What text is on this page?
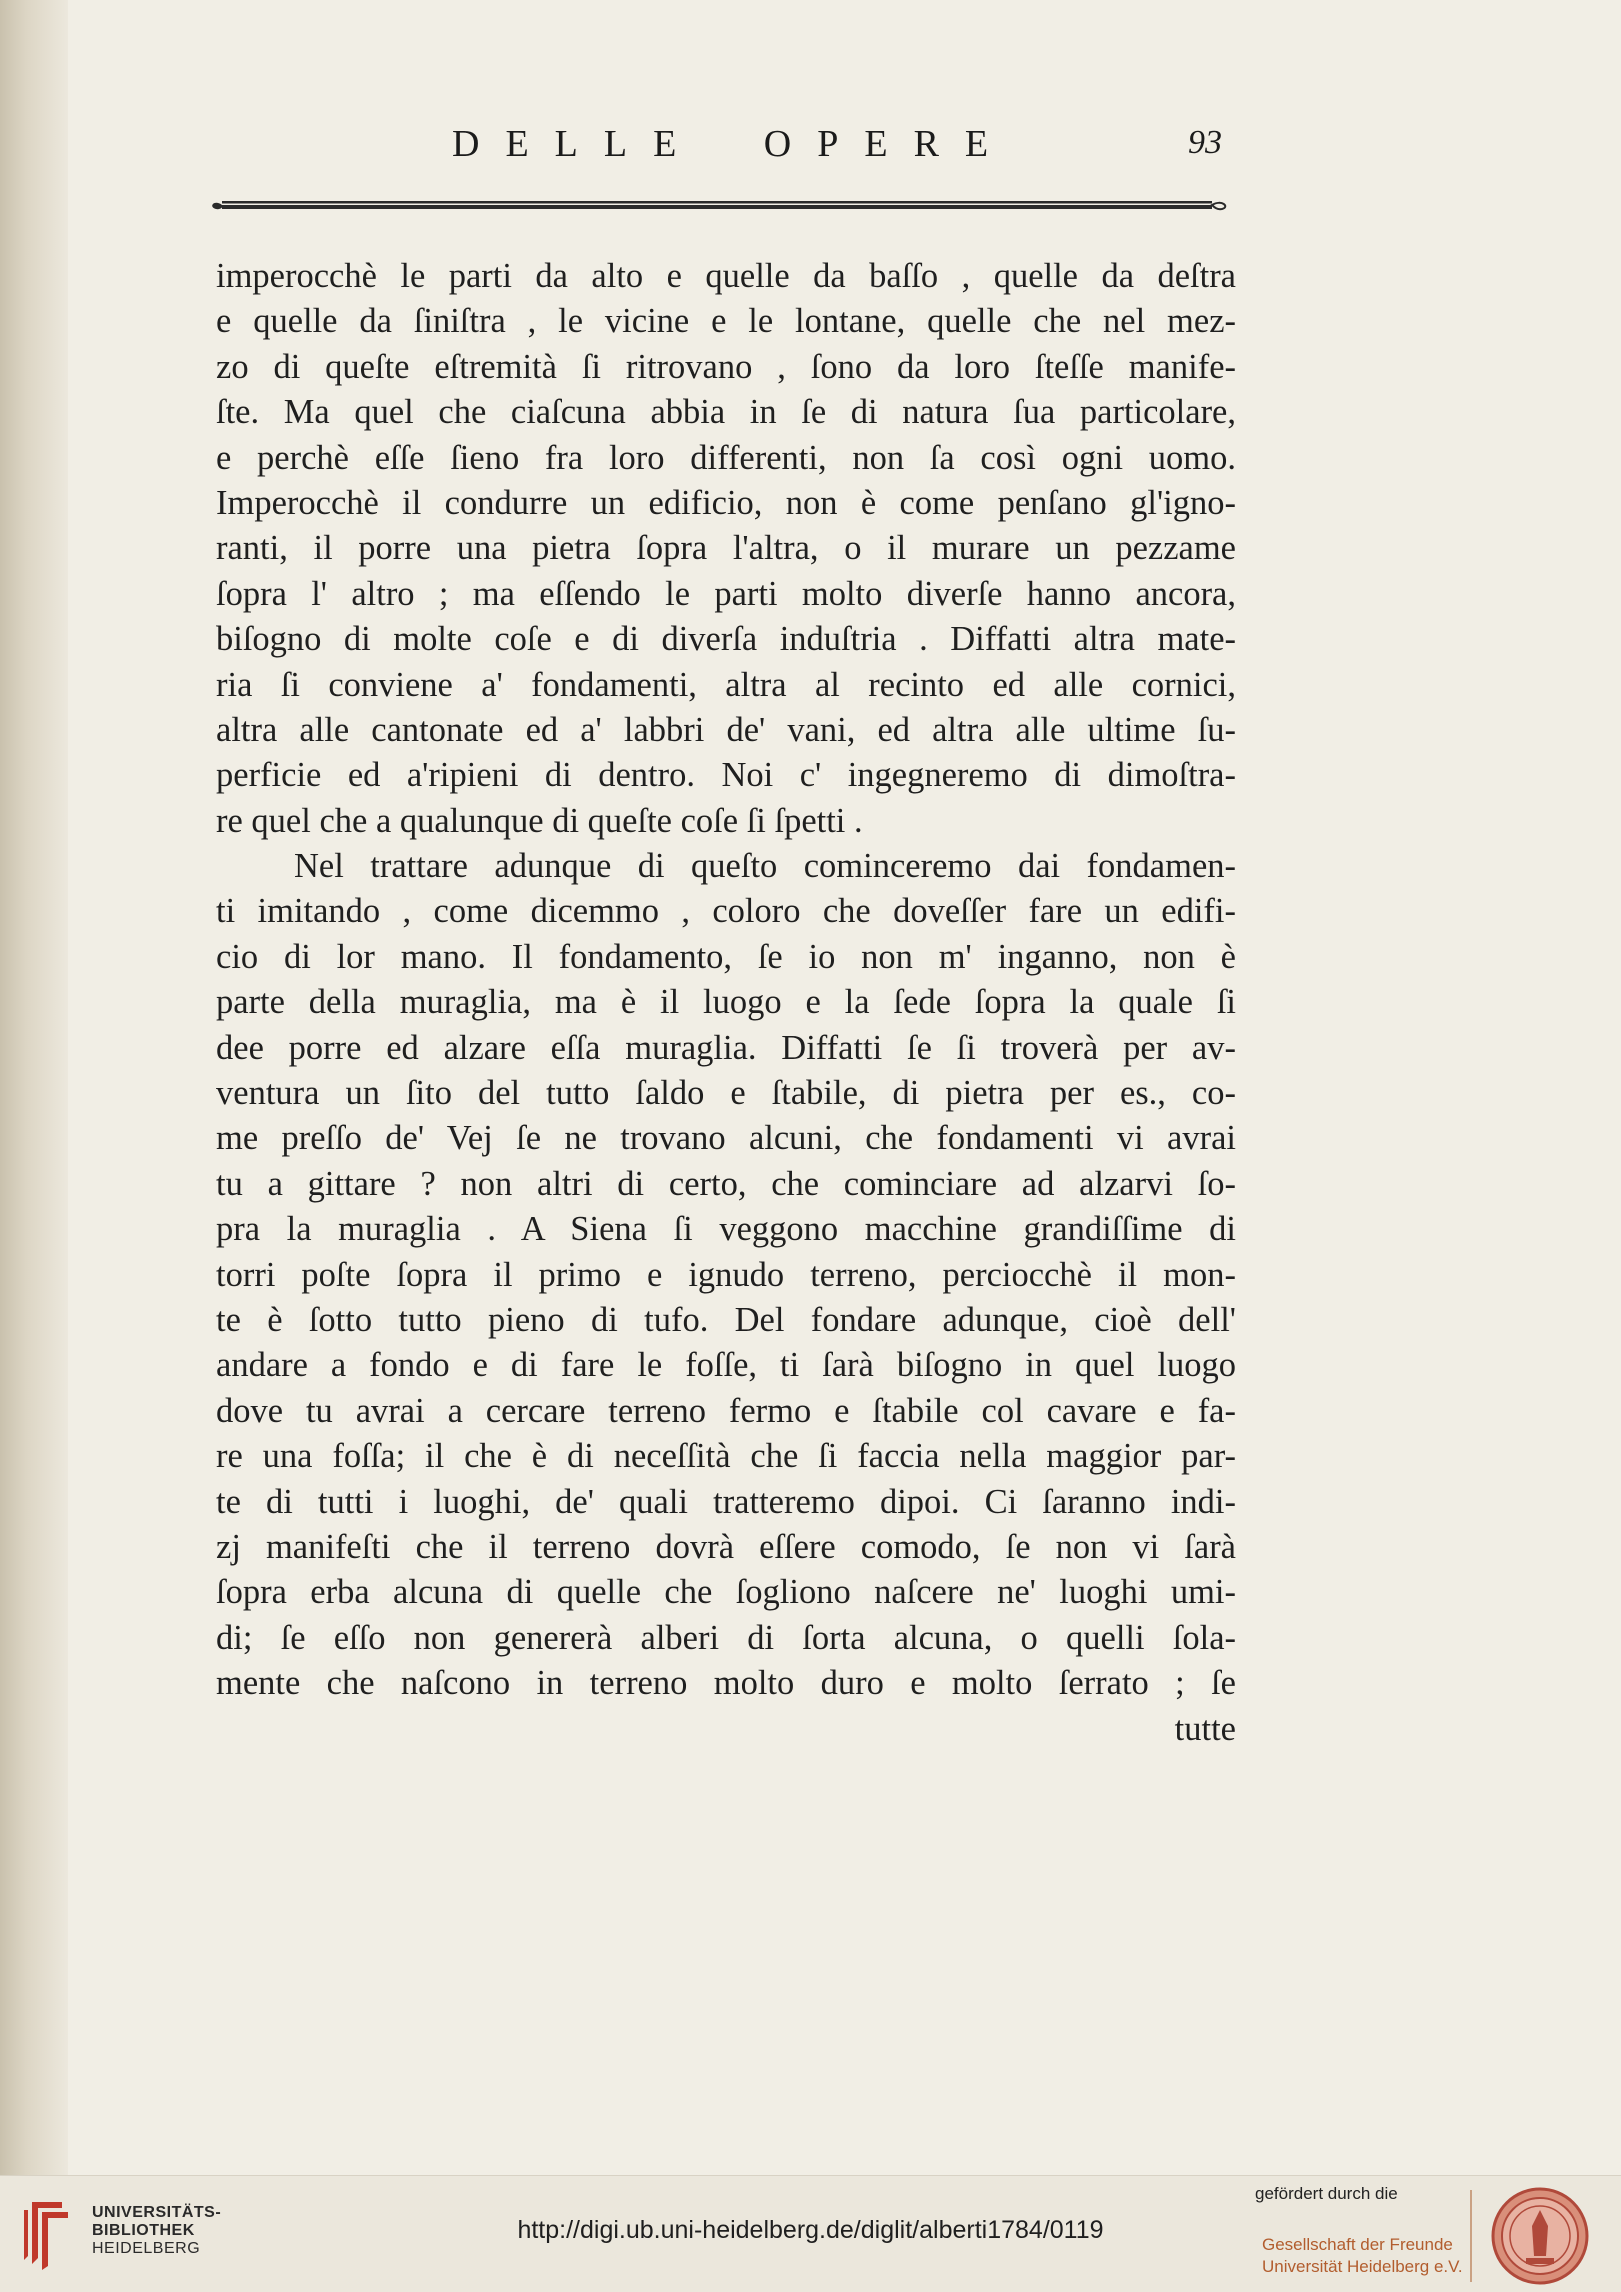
DELLE OPERE	93
imperocchè le parti da alto e quelle da baſſo , quelle da deſtra
e quelle da ſiniſtra , le vicine e le lontane, quelle che nel mez-
zo di queſte eſtremità ſi ritrovano , ſono da loro ſteſſe manife-
ſte. Ma quel che ciaſcuna abbia in ſe di natura ſua particolare,
e perchè eſſe ſieno fra loro differenti, non ſa così ogni uomo.
Imperocchè il condurre un edificio, non è come penſano gl'igno-
ranti, il porre una pietra ſopra l'altra, o il murare un pezzame
ſopra l' altro ; ma eſſendo le parti molto diverſe hanno ancora,
biſogno di molte coſe e di diverſa induſtria . Diffatti altra mate-
ria ſi conviene a' fondamenti, altra al recinto ed alle cornici,
altra alle cantonate ed a' labbri de' vani, ed altra alle ultime ſu-
perficie ed a'ripieni di dentro. Noi c' ingegneremo di dimoſtra-
re quel che a qualunque di queſte coſe ſi ſpetti .
Nel trattare adunque di queſto cominceremo dai fondamen-
ti imitando , come dicemmo , coloro che doveſſer fare un edifi-
cio di lor mano. Il fondamento, ſe io non m' inganno, non è
parte della muraglia, ma è il luogo e la ſede ſopra la quale ſi
dee porre ed alzare eſſa muraglia. Diffatti ſe ſi troverà per av-
ventura un ſito del tutto ſaldo e ſtabile, di pietra per es., co-
me preſſo de' Vej ſe ne trovano alcuni, che fondamenti vi avrai
tu a gittare ? non altri di certo, che cominciare ad alzarvi ſo-
pra la muraglia . A Siena ſi veggono macchine grandiſſime di
torri poſte ſopra il primo e ignudo terreno, perciocchè il mon-
te è ſotto tutto pieno di tufo. Del fondare adunque, cioè dell'
andare a fondo e di fare le foſſe, ti ſarà biſogno in quel luogo
dove tu avrai a cercare terreno fermo e ſtabile col cavare e fa-
re una foſſa; il che è di neceſſità che ſi faccia nella maggior par-
te di tutti i luoghi, de' quali tratteremo dipoi. Ci ſaranno indi-
zj manifeſti che il terreno dovrà eſſere comodo, ſe non vi ſarà
ſopra erba alcuna di quelle che ſogliono naſcere ne' luoghi umi-
di; ſe eſſo non genererà alberi di ſorta alcuna, o quelli ſola-
mente che naſcono in terreno molto duro e molto ſerrato ; ſe
tutte
UNIVERSITÄTS-
BIBLIOTHEK
HEIDELBERG
http://digi.ub.uni-heidelberg.de/diglit/alberti1784/0119
gefördert durch die
Gesellschaft der Freunde
Universität Heidelberg e.V.
